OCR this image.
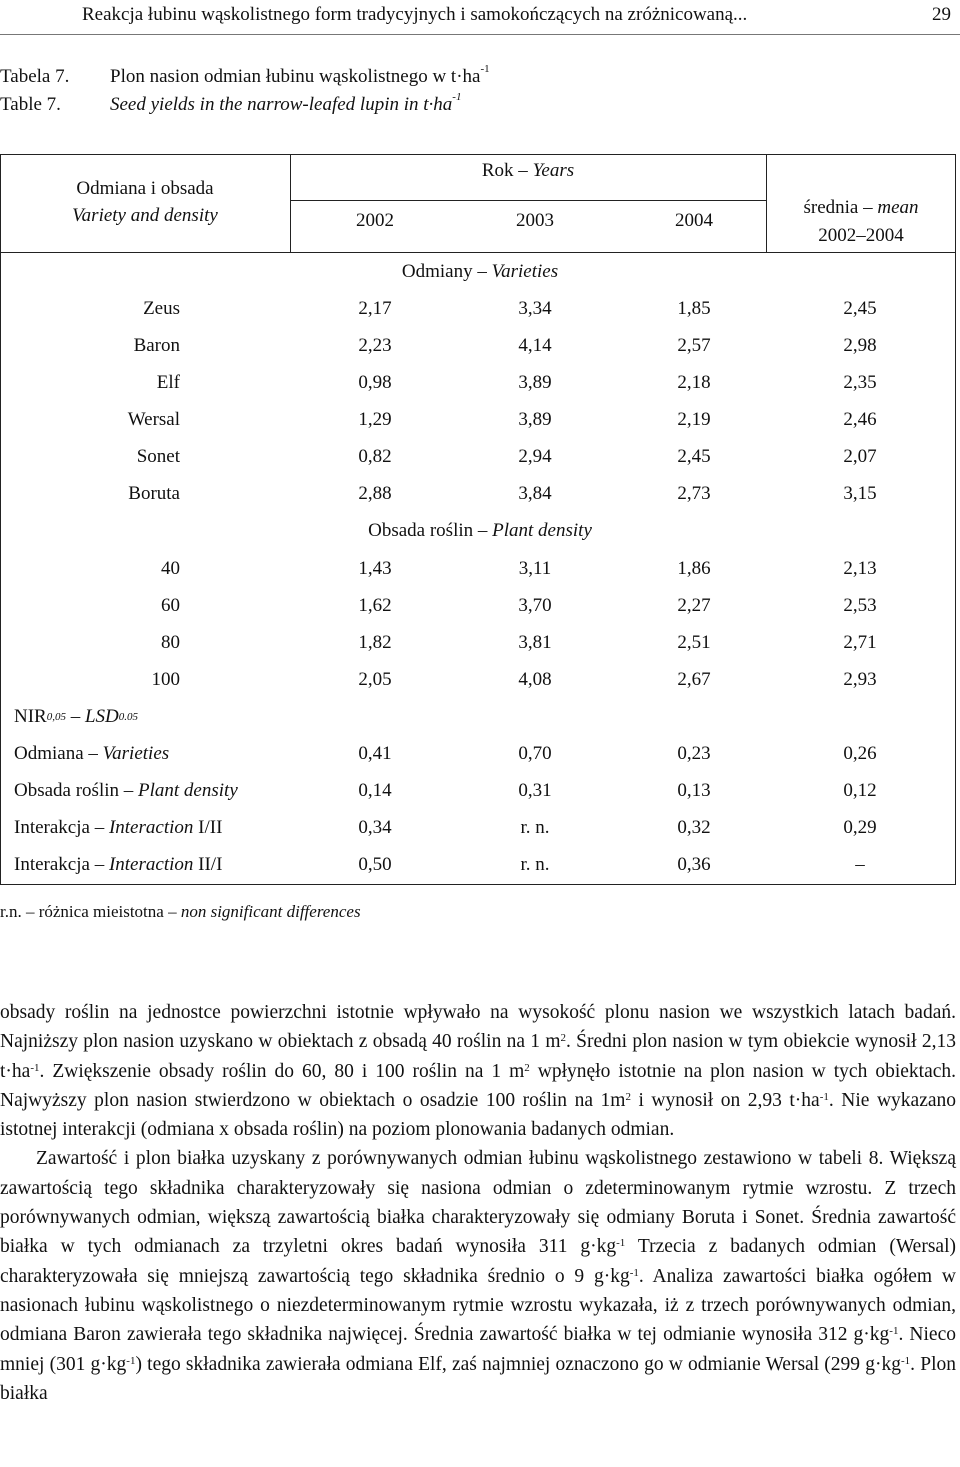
Reakcja łubinu wąskolistnego form tradycyjnych i samokończących na zróżnicowaną...	29
Tabela 7. Plon nasion odmian łubinu wąskolistnego w $t\cdot ha^{-1}$
Table 7.	Seed yields in the narrow-leafed lupin in $t\cdot ha^{-1}$
Odmiana i obsada
Variety and density
Rok – Years
2002	2003	2004
średnia – mean
2002–2004
Odmiany – Varieties
Zeus	2,17	3,34	1,85	2,45
Baron	2,23	4,14	2,57	2,98
Elf	0,98	3,89	2,18	2,35
Wersal	1,29	3,89	2,19	2,46
Sonet	0,82	2,94	2,45	2,07
Boruta	2,88	3,84	2,73	3,15
Obsada roślin – Plant density
40	1,43	3,11	1,86	2,13
60	1,62	3,70	2,27	2,53
80	1,82	3,81	2,51	2,71
100	2,05	4,08	2,67	2,93
NIR0,05 – LSD0.05
Odmiana – Varieties	0,41	0,70	0,23	0,26
Obsada roślin – Plant density	0,14	0,31	0,13	0,12
Interakcja – Interaction I/II	0,34	r. n.	0,32	0,29
Interakcja – Interaction II/I	0,50	r. n.	0,36	–
r.n. – różnica mieistotna – non significant differences

obsady roślin na jednostce powierzchni istotnie wpływało na wysokość plonu nasion we wszystkich latach badań. Najniższy plon nasion uzyskano w obiektach z obsadą 40 roślin na 1 $m^2$. Średni plon nasion w tym obiekcie wynosił 2,13 $t\cdot ha^{-1}$. Zwiększenie obsady roślin do 60, 80 i 100 roślin na 1 $m^2$ wpłynęło istotnie na plon nasion w tych obiektach. Najwyższy plon nasion stwierdzono w obiektach o osadzie 100 roślin na $1m^2$ i wynosił on 2,93 $t\cdot ha^{-1}$. Nie wykazano istotnej interakcji (odmiana x obsada roślin) na poziom plonowania badanych odmian.

Zawartość i plon białka uzyskany z porównywanych odmian łubinu wąskolistnego zestawiono w tabeli 8. Większą zawartością tego składnika charakteryzowały się nasiona odmian o zdeterminowanym rytmie wzrostu. Z trzech porównywanych odmian, większą zawartością białka charakteryzowały się odmiany Boruta i Sonet. Średnia zawartość białka w tych odmianach za trzyletni okres badań wynosiła 311 $g\cdot kg^{-1}$ Trzecia z badanych odmian (Wersal) charakteryzowała się mniejszą zawartością tego składnika średnio o 9 $g\cdot kg^{-1}$. Analiza zawartości białka ogółem w nasionach łubinu wąskolistnego o niezdeterminowanym rytmie wzrostu wykazała, iż z trzech porównywanych odmian, odmiana Baron zawierała tego składnika najwięcej. Średnia zawartość białka w tej odmianie wynosiła 312 $g\cdot kg^{-1}$. Nieco mniej (301 $g\cdot kg^{-1}$) tego składnika zawierała odmiana Elf, zaś najmniej oznaczono go w odmianie Wersal (299 $g\cdot kg^{-1}$. Plon białka
